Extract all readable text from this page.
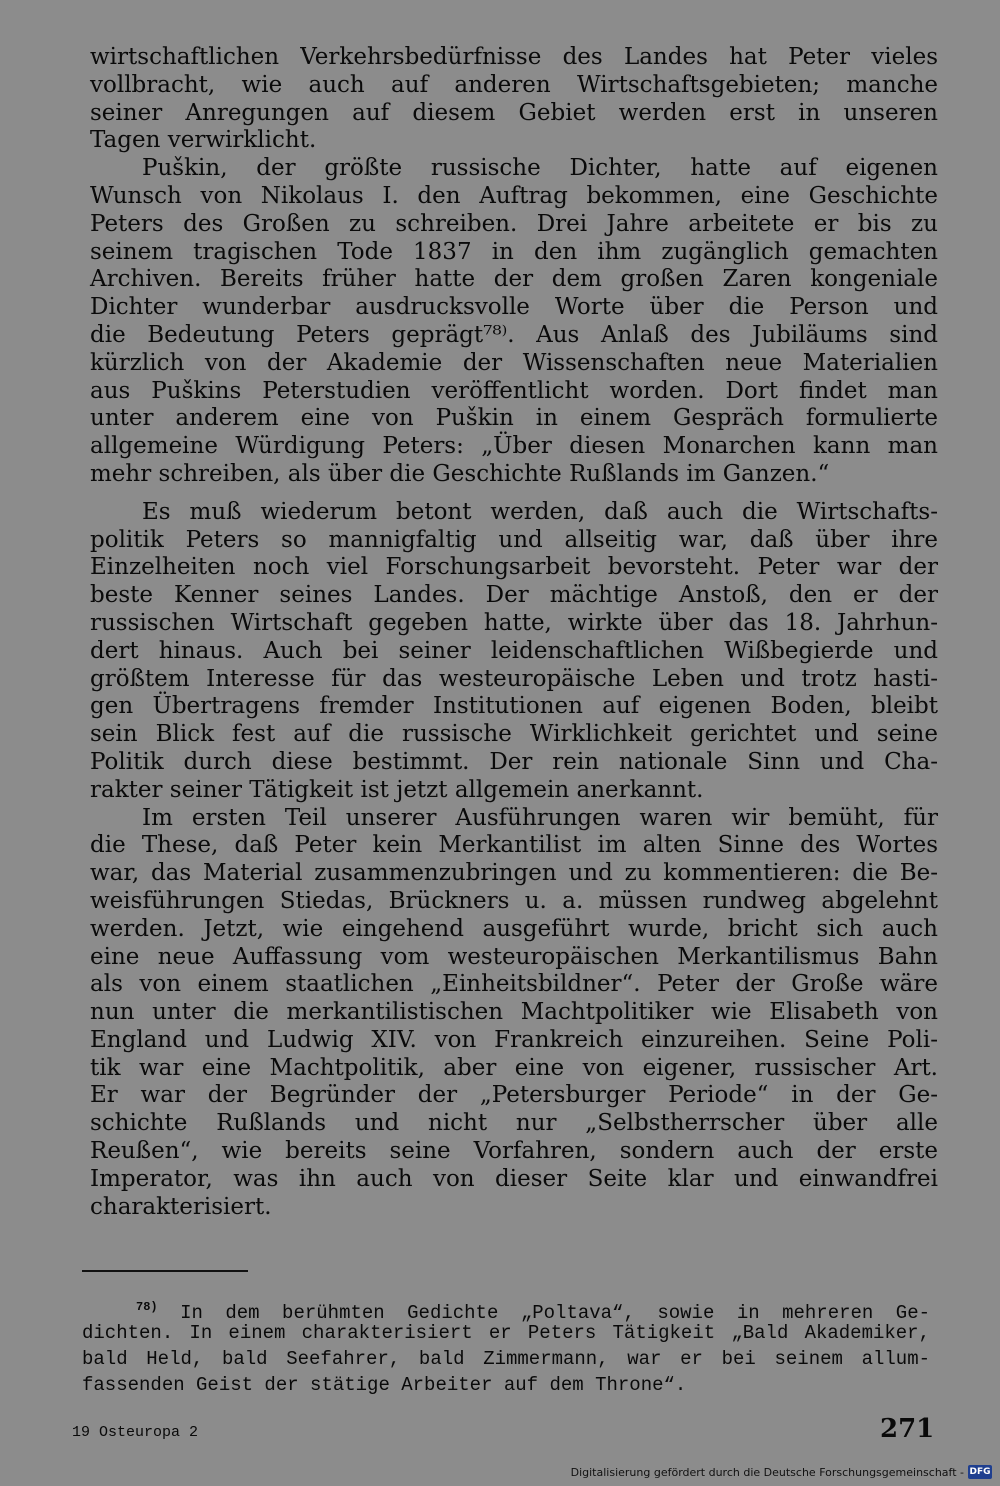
wirtschaftlichen Verkehrsbedürfnisse des Landes hat Peter vieles
vollbracht, wie auch auf anderen Wirtschaftsgebieten; manche
seiner Anregungen auf diesem Gebiet werden erst in unseren
Tagen verwirklicht.
Puškin, der größte russische Dichter, hatte auf eigenen
Wunsch von Nikolaus I. den Auftrag bekommen, eine Geschichte
Peters des Großen zu schreiben. Drei Jahre arbeitete er bis zu
seinem tragischen Tode 1837 in den ihm zugänglich gemachten
Archiven. Bereits früher hatte der dem großen Zaren kongeniale
Dichter wunderbar ausdrucksvolle Worte über die Person und
die Bedeutung Peters geprägt⁷⁸⁾. Aus Anlaß des Jubiläums sind
kürzlich von der Akademie der Wissenschaften neue Materialien
aus Puškins Peterstudien veröffentlicht worden. Dort findet man
unter anderem eine von Puškin in einem Gespräch formulierte
allgemeine Würdigung Peters: „Über diesen Monarchen kann man
mehr schreiben, als über die Geschichte Rußlands im Ganzen.“
Es muß wiederum betont werden, daß auch die Wirtschafts-
politik Peters so mannigfaltig und allseitig war, daß über ihre
Einzelheiten noch viel Forschungsarbeit bevorsteht. Peter war der
beste Kenner seines Landes. Der mächtige Anstoß, den er der
russischen Wirtschaft gegeben hatte, wirkte über das 18. Jahrhun-
dert hinaus. Auch bei seiner leidenschaftlichen Wißbegierde und
größtem Interesse für das westeuropäische Leben und trotz hasti-
gen Übertragens fremder Institutionen auf eigenen Boden, bleibt
sein Blick fest auf die russische Wirklichkeit gerichtet und seine
Politik durch diese bestimmt. Der rein nationale Sinn und Cha-
rakter seiner Tätigkeit ist jetzt allgemein anerkannt.
Im ersten Teil unserer Ausführungen waren wir bemüht, für
die These, daß Peter kein Merkantilist im alten Sinne des Wortes
war, das Material zusammenzubringen und zu kommentieren: die Be-
weisführungen Stiedas, Brückners u. a. müssen rundweg abgelehnt
werden. Jetzt, wie eingehend ausgeführt wurde, bricht sich auch
eine neue Auffassung vom westeuropäischen Merkantilismus Bahn
als von einem staatlichen „Einheitsbildner“. Peter der Große wäre
nun unter die merkantilistischen Machtpolitiker wie Elisabeth von
England und Ludwig XIV. von Frankreich einzureihen. Seine Poli-
tik war eine Machtpolitik, aber eine von eigener, russischer Art.
Er war der Begründer der „Petersburger Periode“ in der Ge-
schichte Rußlands und nicht nur „Selbstherrscher über alle
Reußen“, wie bereits seine Vorfahren, sondern auch der erste
Imperator, was ihn auch von dieser Seite klar und einwandfrei
charakterisiert.
$^{78)}$ In dem berühmten Gedichte „Poltava“, sowie in mehreren Ge-
dichten. In einem charakterisiert er Peters Tätigkeit „Bald Akademiker,
bald Held, bald Seefahrer, bald Zimmermann, war er bei seinem allum-
fassenden Geist der stätige Arbeiter auf dem Throne“.
19 Osteuropa 2	271
Digitalisierung gefördert durch die Deutsche Forschungsgemeinschaft - DFG
